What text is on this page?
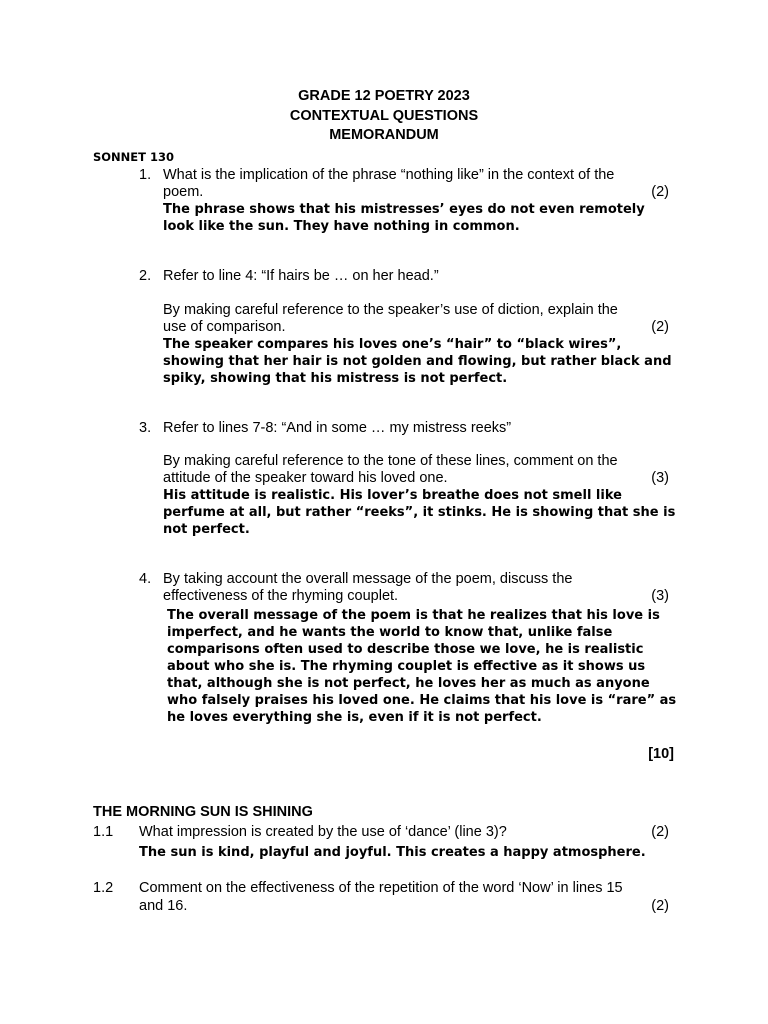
GRADE 12 POETRY 2023
CONTEXTUAL QUESTIONS
MEMORANDUM
SONNET 130
1. What is the implication of the phrase “nothing like” in the context of the
poem.	(2)
The phrase shows that his mistresses’ eyes do not even remotely
look like the sun. They have nothing in common.
2. Refer to line 4: “If hairs be … on her head.”
By making careful reference to the speaker’s use of diction, explain the
use of comparison.	(2)
The speaker compares his loves one’s “hair” to “black wires”,
showing that her hair is not golden and flowing, but rather black and
spiky, showing that his mistress is not perfect.
3. Refer to lines 7-8: “And in some … my mistress reeks”
By making careful reference to the tone of these lines, comment on the
attitude of the speaker toward his loved one.	(3)
His attitude is realistic. His lover’s breathe does not smell like
perfume at all, but rather “reeks”, it stinks. He is showing that she is
not perfect.
4. By taking account the overall message of the poem, discuss the
effectiveness of the rhyming couplet.	(3)
The overall message of the poem is that he realizes that his love is
imperfect, and he wants the world to know that, unlike false
comparisons often used to describe those we love, he is realistic
about who she is. The rhyming couplet is effective as it shows us
that, although she is not perfect, he loves her as much as anyone
who falsely praises his loved one. He claims that his love is “rare” as
he loves everything she is, even if it is not perfect.
[10]
THE MORNING SUN IS SHINING
1.1 What impression is created by the use of ‘dance’ (line 3)?	(2)
The sun is kind, playful and joyful. This creates a happy atmosphere.
1.2 Comment on the effectiveness of the repetition of the word ‘Now’ in lines 15
and 16.	(2)
